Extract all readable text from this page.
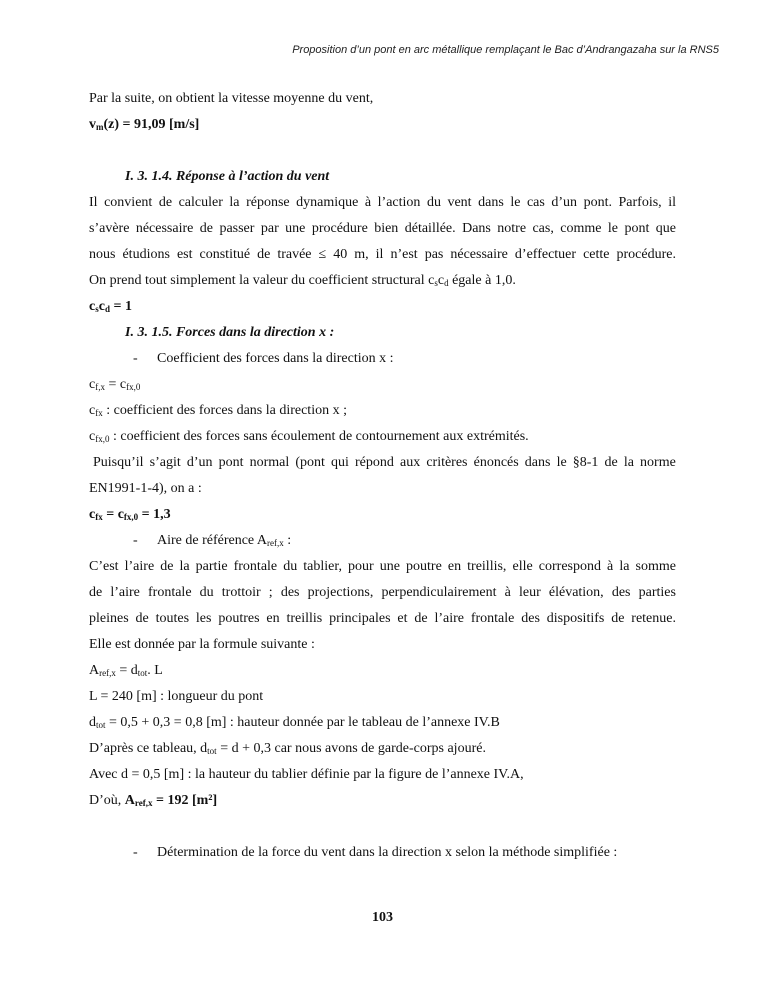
Proposition d’un pont en arc métallique remplaçant le Bac d’Andrangazaha sur la RNS5
Par la suite, on obtient la vitesse moyenne du vent,
$v_m(z) = 91,09$ [m/s]
I. 3. 1.4. Réponse à l’action du vent
Il convient de calculer la réponse dynamique à l’action du vent dans le cas d’un pont. Parfois, il
s’avère nécessaire de passer par une procédure bien détaillée. Dans notre cas, comme le pont que
nous étudions est constitué de travée ≤ 40 m, il n’est pas nécessaire d’effectuer cette procédure.
On prend tout simplement la valeur du coefficient structural $c_sc_d$ égale à 1,0.
$c_sc_d = 1$
I. 3. 1.5. Forces dans la direction x :
- Coefficient des forces dans la direction x :
$c_{f,x} = c_{fx,0}$
$c_{fx}$ : coefficient des forces dans la direction x ;
$c_{fx,0}$ : coefficient des forces sans écoulement de contournement aux extrémités.
Puisqu’il s’agit d’un pont normal (pont qui répond aux critères énoncés dans le §8-1 de la norme
EN1991-1-4), on a :
$c_{fx} = c_{fx,0} = 1,3$
- Aire de référence $A_{ref,x}$ :
C’est l’aire de la partie frontale du tablier, pour une poutre en treillis, elle correspond à la somme
de l’aire frontale du trottoir ; des projections, perpendiculairement à leur élévation, des parties
pleines de toutes les poutres en treillis principales et de l’aire frontale des dispositifs de retenue.
Elle est donnée par la formule suivante :
$A_{ref,x} = d_{tot}$. L
L = 240 [m] : longueur du pont
$d_{tot} = 0,5 + 0,3 = 0,8$ [m] : hauteur donnée par le tableau de l’annexe IV.B
D’après ce tableau, $d_{tot} = d + 0,3$ car nous avons de garde-corps ajouré.
Avec d = 0,5 [m] : la hauteur du tablier définie par la figure de l’annexe IV.A,
D’où, $A_{ref,x} = 192$ [m²]
- Détermination de la force du vent dans la direction x selon la méthode simplifiée :
103
